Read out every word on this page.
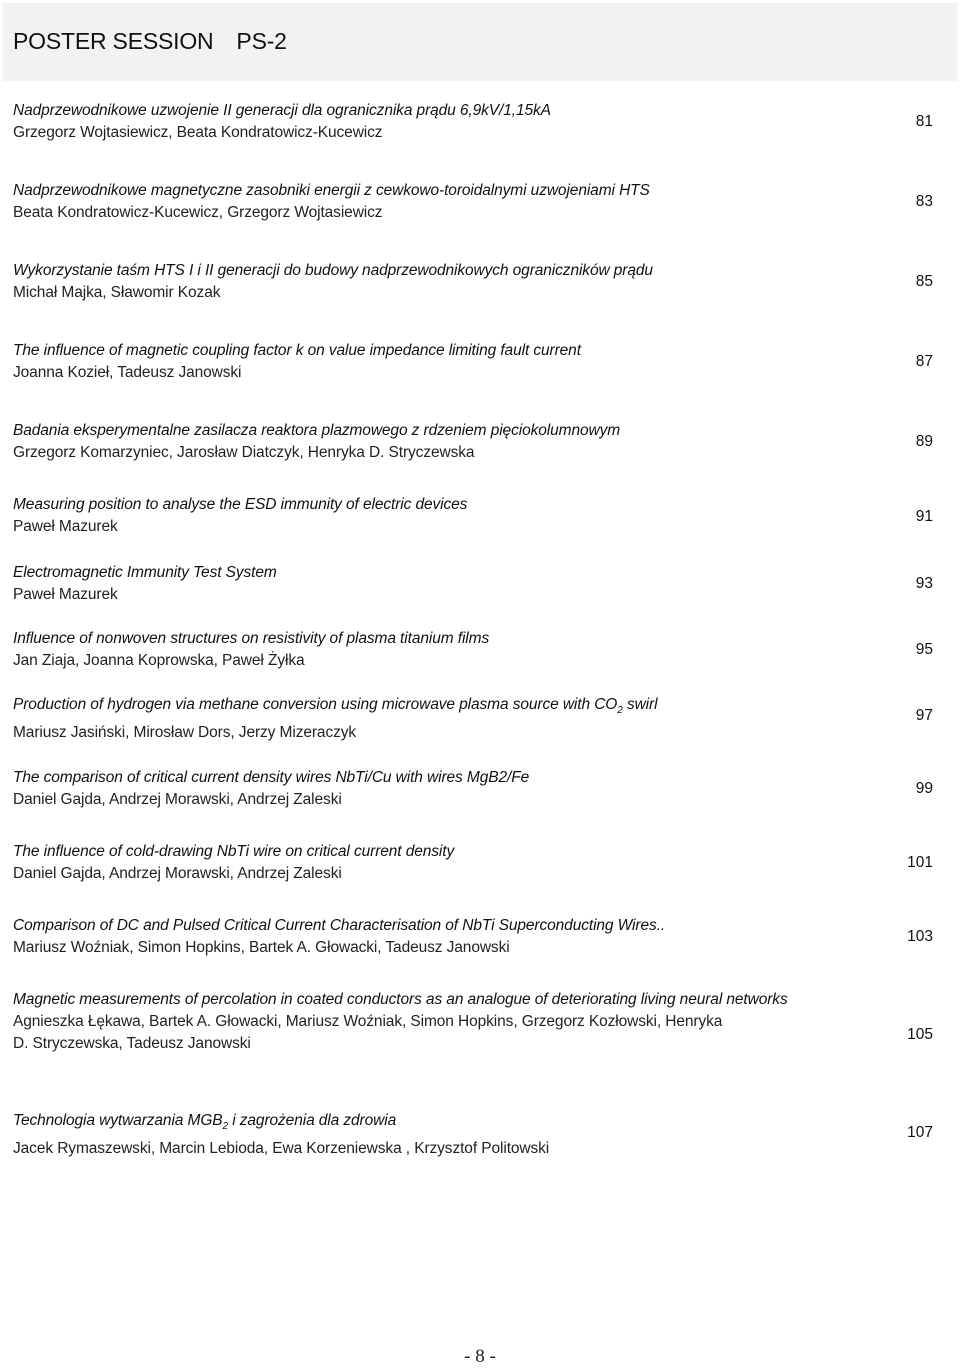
POSTER SESSION PS-2
Nadprzewodnikowe uzwojenie II generacji dla ogranicznika prądu 6,9kV/1,15kA
Grzegorz Wojtasiewicz, Beata Kondratowicz-Kucewicz
81
Nadprzewodnikowe magnetyczne zasobniki energii z cewkowo-toroidalnymi uzwojeniami HTS
Beata Kondratowicz-Kucewicz, Grzegorz Wojtasiewicz
83
Wykorzystanie taśm HTS I i II generacji do budowy nadprzewodnikowych ograniczników prądu
Michał Majka, Sławomir Kozak
85
The influence of magnetic coupling factor k on value impedance limiting fault current
Joanna Kozieł, Tadeusz Janowski
87
Badania eksperymentalne zasilacza reaktora plazmowego z rdzeniem pięciokolumnowym
Grzegorz Komarzyniec, Jarosław Diatczyk, Henryka D. Stryczewska
89
Measuring position to analyse the ESD immunity of electric devices
Paweł Mazurek
91
Electromagnetic Immunity Test System
Paweł Mazurek
93
Influence of nonwoven structures on resistivity of plasma titanium films
Jan Ziaja, Joanna Koprowska, Paweł Żyłka
95
Production of hydrogen via methane conversion using microwave plasma source with $CO_2$ swirl
Mariusz Jasiński, Mirosław Dors, Jerzy Mizeraczyk
97
The comparison of critical current density wires NbTi/Cu with wires MgB2/Fe
Daniel Gajda, Andrzej Morawski, Andrzej Zaleski
99
The influence of cold-drawing NbTi wire on critical current density
Daniel Gajda, Andrzej Morawski, Andrzej Zaleski
101
Comparison of DC and Pulsed Critical Current Characterisation of NbTi Superconducting Wires..
Mariusz Woźniak, Simon Hopkins, Bartek A. Głowacki, Tadeusz Janowski
103
Magnetic measurements of percolation in coated conductors as an analogue of deteriorating living neural networks
Agnieszka Łękawa, Bartek A. Głowacki, Mariusz Woźniak, Simon Hopkins, Grzegorz Kozłowski, Henryka D. Stryczewska, Tadeusz Janowski
105
Technologia wytwarzania $MGB_2$ i zagrożenia dla zdrowia
Jacek Rymaszewski, Marcin Lebioda, Ewa Korzeniewska , Krzysztof Politowski
107
- 8 -
